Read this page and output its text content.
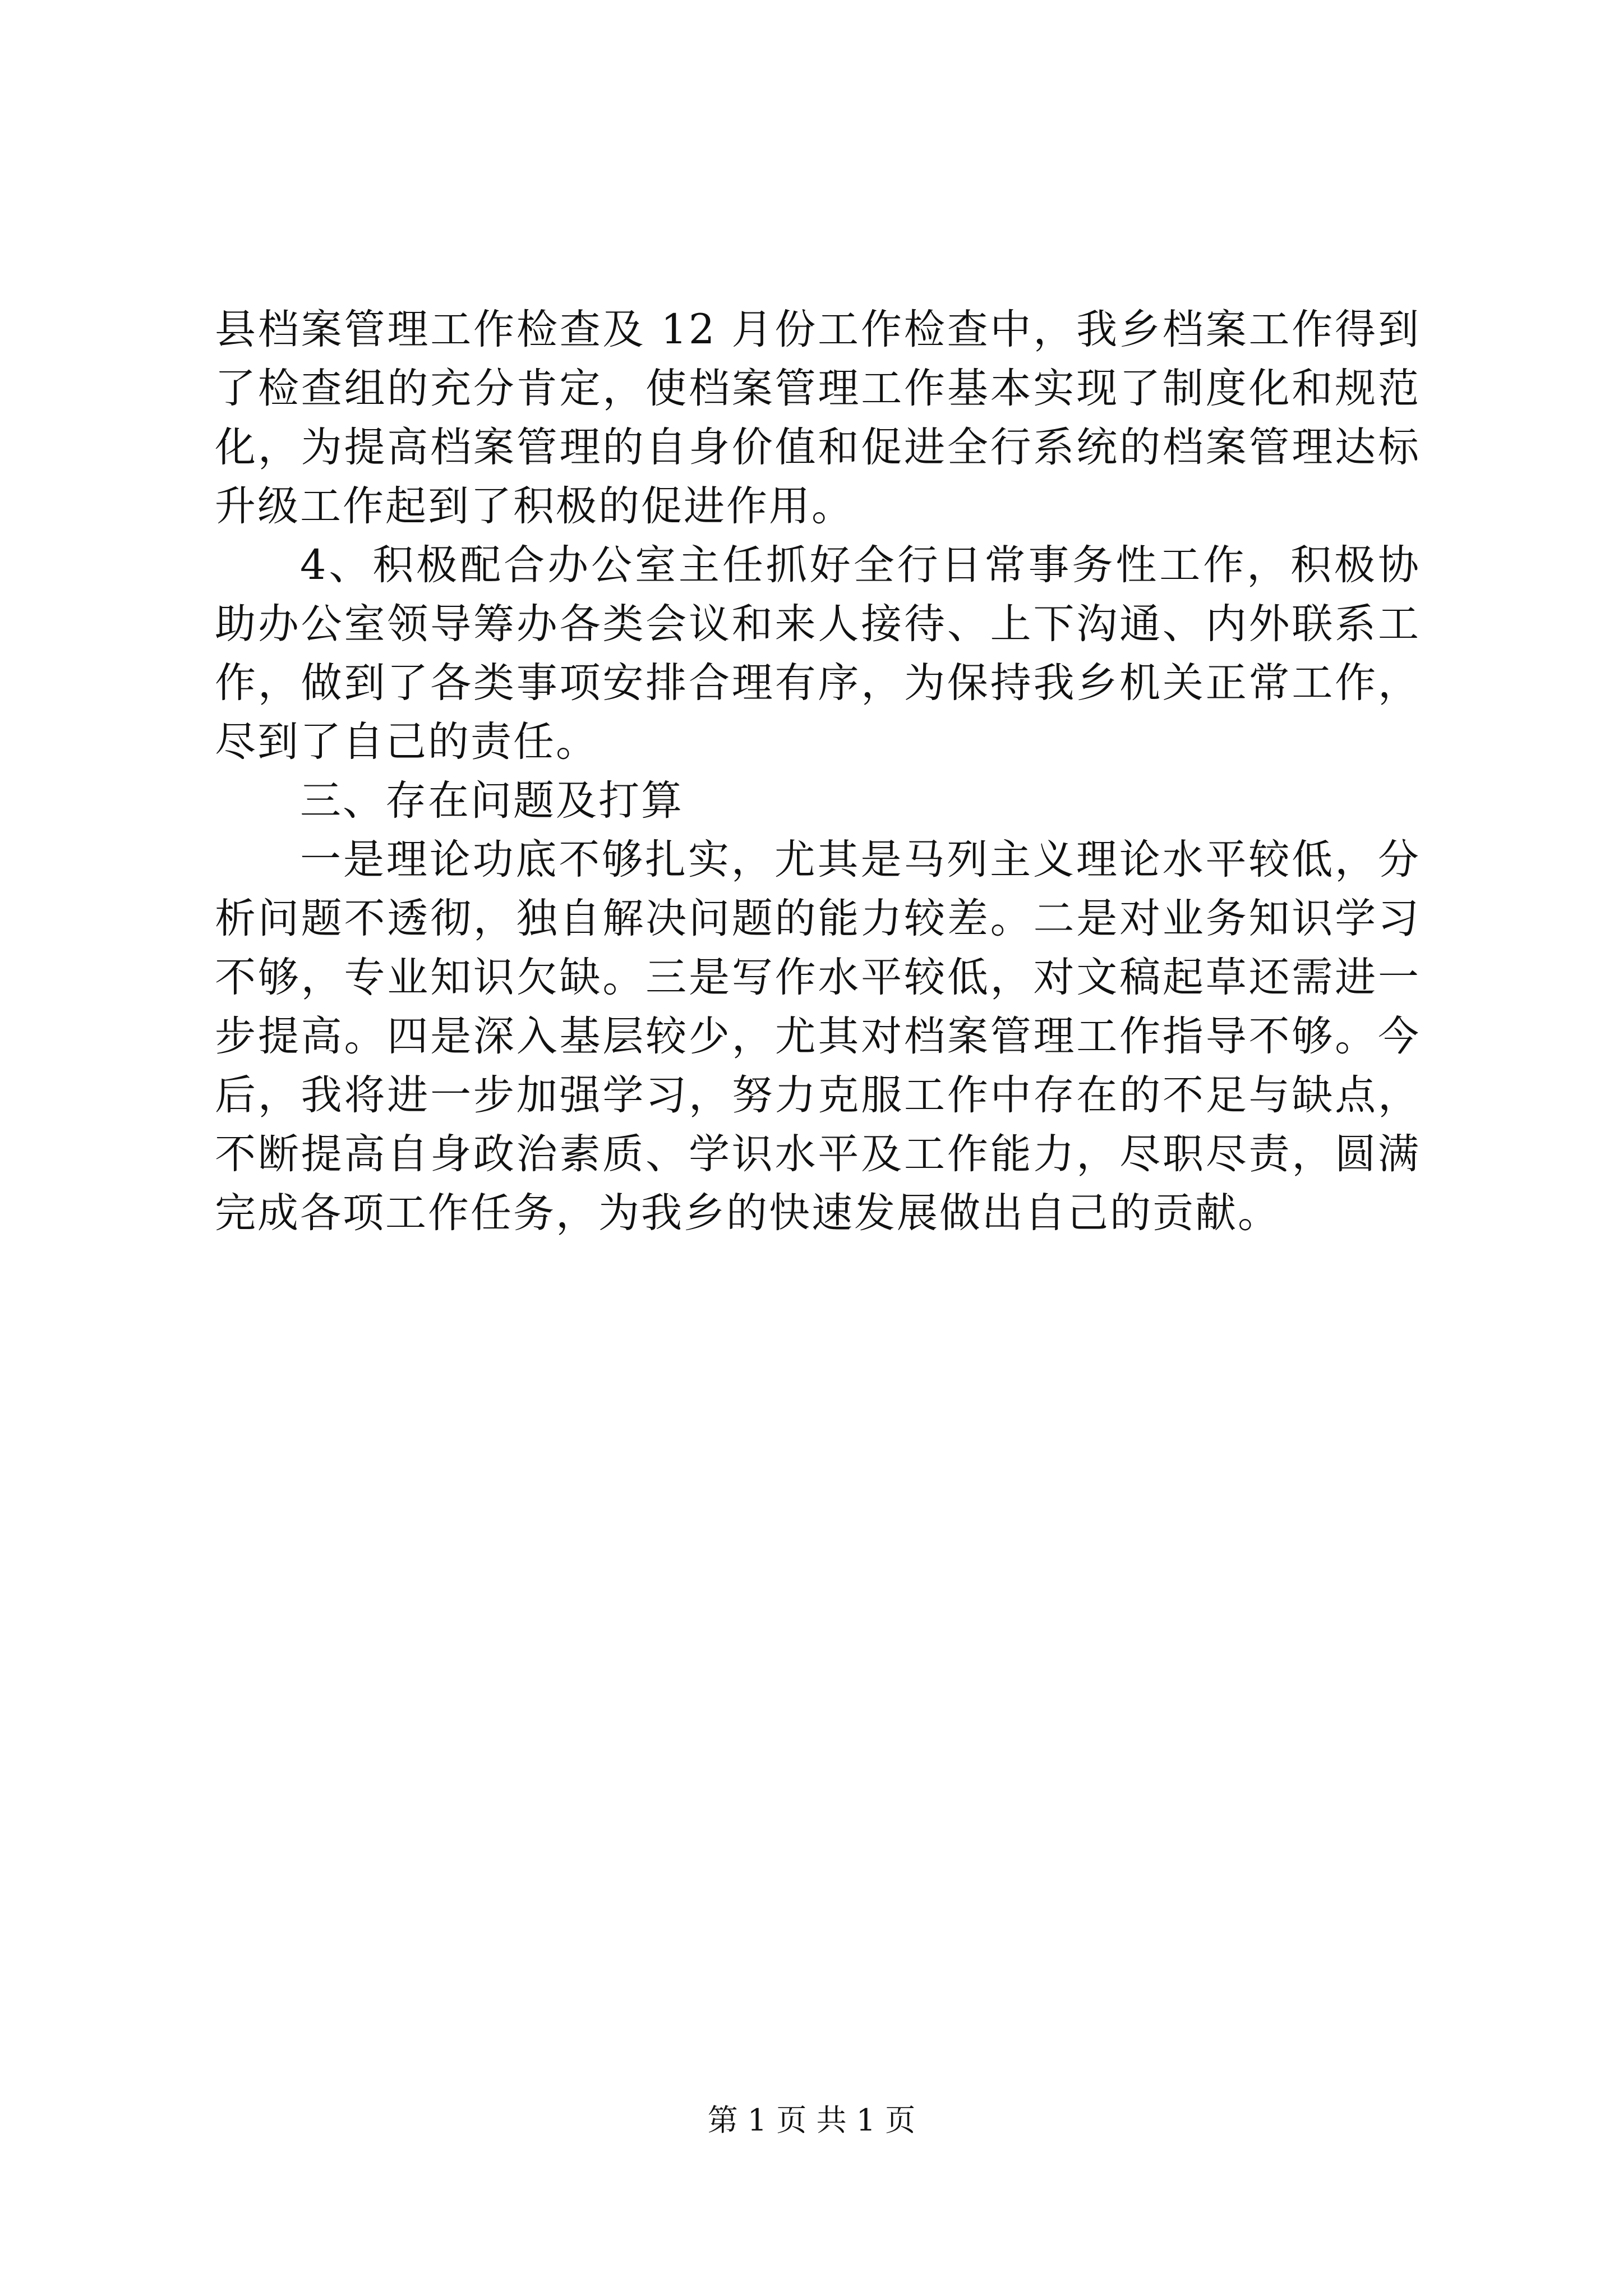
县档案管理工作检查及 12 月份工作检查中，我乡档案工作得到
了检查组的充分肯定，使档案管理工作基本实现了制度化和规范
化，为提高档案管理的自身价值和促进全行系统的档案管理达标
升级工作起到了积极的促进作用。
4、积极配合办公室主任抓好全行日常事务性工作，积极协
助办公室领导筹办各类会议和来人接待、上下沟通、内外联系工
作，做到了各类事项安排合理有序，为保持我乡机关正常工作，
尽到了自己的责任。
三、存在问题及打算
一是理论功底不够扎实，尤其是马列主义理论水平较低，分
析问题不透彻，独自解决问题的能力较差。二是对业务知识学习
不够，专业知识欠缺。三是写作水平较低，对文稿起草还需进一
步提高。四是深入基层较少，尤其对档案管理工作指导不够。今
后，我将进一步加强学习，努力克服工作中存在的不足与缺点，
不断提高自身政治素质、学识水平及工作能力，尽职尽责，圆满
完成各项工作任务，为我乡的快速发展做出自己的贡献。
第 1 页 共 1 页
